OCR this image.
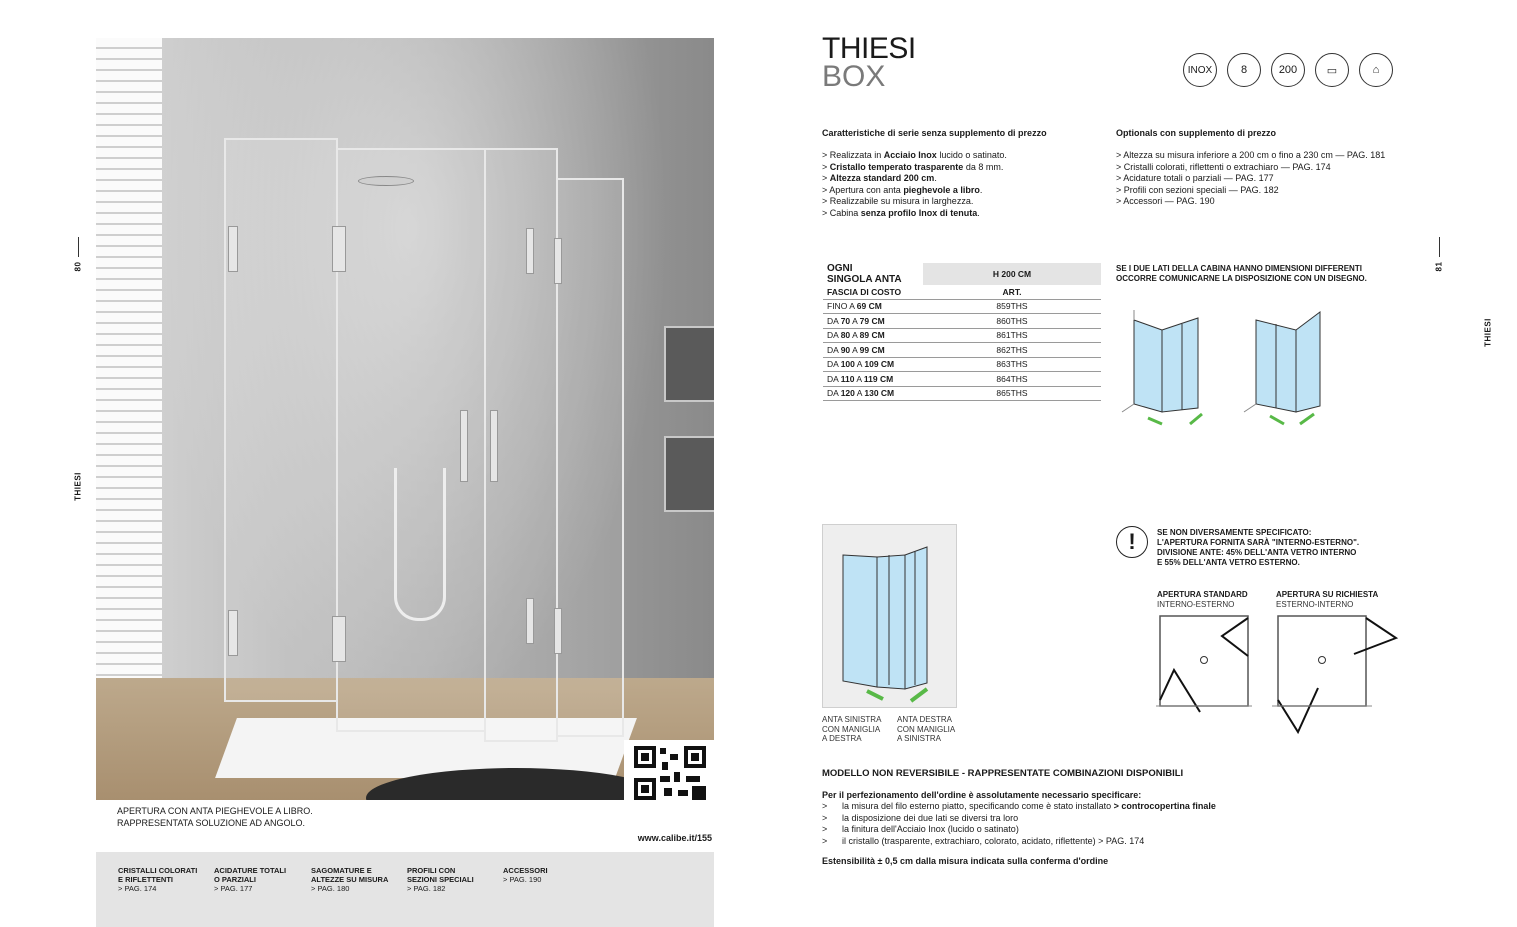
80
THIESI
www.calibe.it/155
APERTURA CON ANTA PIEGHEVOLE A LIBRO.
RAPPRESENTATA SOLUZIONE AD ANGOLO.
CRISTALLI COLORATI
E RIFLETTENTI
> PAG. 174
ACIDATURE TOTALI
O PARZIALI
> PAG. 177
SAGOMATURE E
ALTEZZE SU MISURA
> PAG. 180
PROFILI CON
SEZIONI SPECIALI
> PAG. 182
ACCESSORI
> PAG. 190
THIESI
BOX	INOX	8	200	▭	⌂
81
THIESI
Caratteristiche di serie senza supplemento di prezzo
> Realizzata in Acciaio Inox lucido o satinato.
> Cristallo temperato trasparente da 8 mm.
> Altezza standard 200 cm.
> Apertura con anta pieghevole a libro.
> Realizzabile su misura in larghezza.
> Cabina senza profilo Inox di tenuta.
Optionals con supplemento di prezzo
> Altezza su misura inferiore a 200 cm o fino a 230 cm — PAG. 181
> Cristalli colorati, riflettenti o extrachiaro — PAG. 174
> Acidature totali o parziali — PAG. 177
> Profili con sezioni speciali — PAG. 182
> Accessori — PAG. 190
OGNI
SINGOLA ANTA	H 200 CM
FASCIA DI COSTO	ART.
FINO A 69 CM	859THS
DA 70 A 79 CM	860THS
DA 80 A 89 CM	861THS
DA 90 A 99 CM	862THS
DA 100 A 109 CM	863THS
DA 110 A 119 CM	864THS
DA 120 A 130 CM	865THS
SE I DUE LATI DELLA CABINA HANNO DIMENSIONI DIFFERENTI
OCCORRE COMUNICARNE LA DISPOSIZIONE CON UN DISEGNO.
ANTA SINISTRA
CON MANIGLIA
A DESTRA
ANTA DESTRA
CON MANIGLIA
A SINISTRA
!	SE NON DIVERSAMENTE SPECIFICATO:
L'APERTURA FORNITA SARÀ "INTERNO-ESTERNO".
DIVISIONE ANTE: 45% DELL'ANTA VETRO INTERNO
E 55% DELL'ANTA VETRO ESTERNO.
APERTURA STANDARD
INTERNO-ESTERNO
APERTURA SU RICHIESTA
ESTERNO-INTERNO
MODELLO NON REVERSIBILE - RAPPRESENTATE COMBINAZIONI DISPONIBILI
Per il perfezionamento dell'ordine è assolutamente necessario specificare:
>	la misura del filo esterno piatto, specificando come è stato installato > controcopertina finale
>	la disposizione dei due lati se diversi tra loro
>	la finitura dell'Acciaio Inox (lucido o satinato)
>	il cristallo (trasparente, extrachiaro, colorato, acidato, riflettente) > PAG. 174
Estensibilità ± 0,5 cm dalla misura indicata sulla conferma d'ordine
